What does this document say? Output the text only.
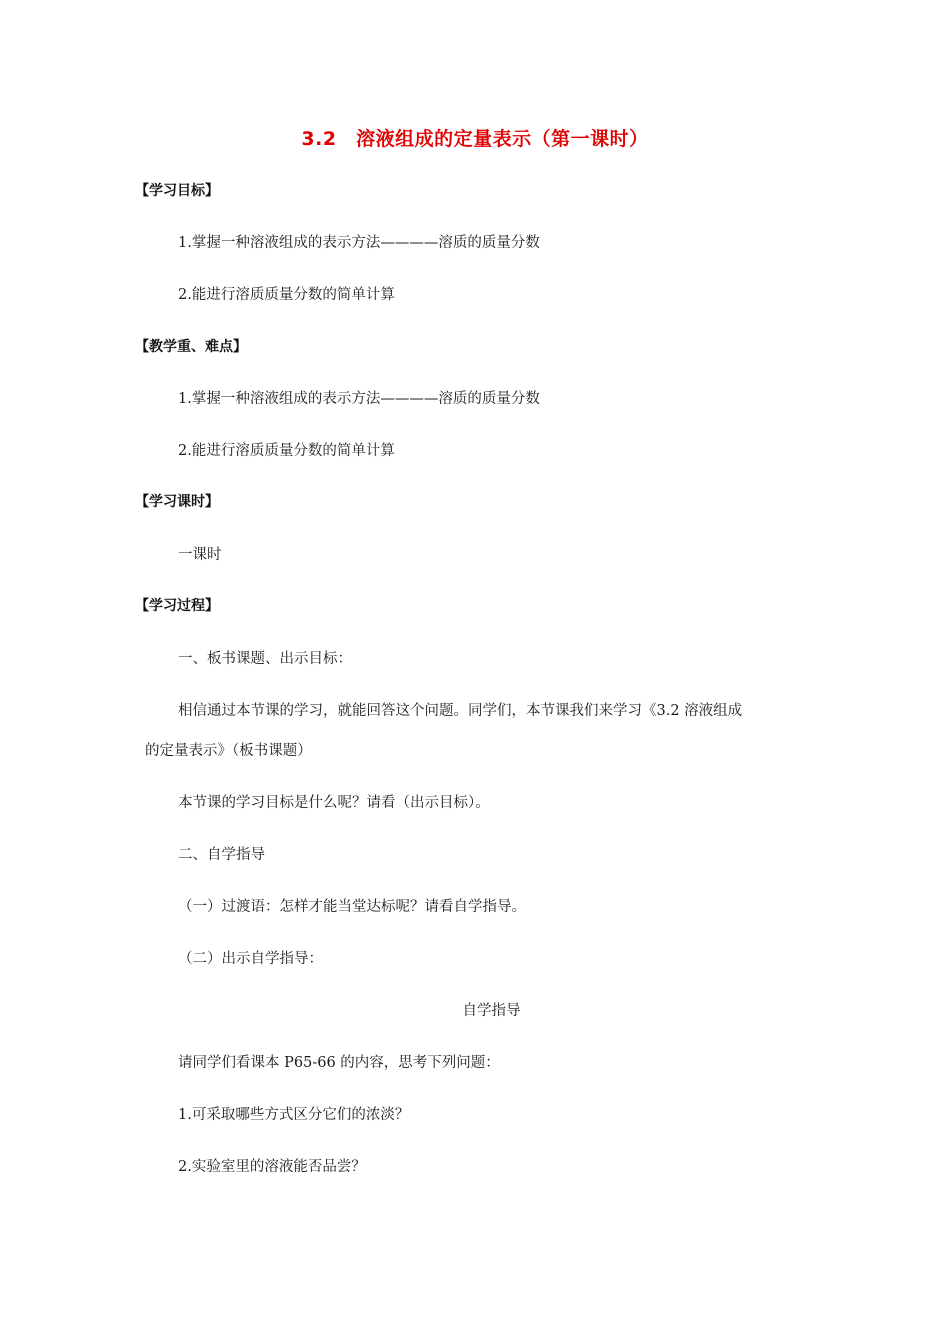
3.2　溶液组成的定量表示（第一课时）
【学习目标】
1.掌握一种溶液组成的表示方法————溶质的质量分数
2.能进行溶质质量分数的简单计算
【教学重、难点】
1.掌握一种溶液组成的表示方法————溶质的质量分数
2.能进行溶质质量分数的简单计算
【学习课时】
一课时
【学习过程】
一、板书课题、出示目标：
相信通过本节课的学习，就能回答这个问题。同学们，本节课我们来学习《3.2 溶液组成
的定量表示》（板书课题）
本节课的学习目标是什么呢？请看（出示目标）。
二、自学指导
（一）过渡语：怎样才能当堂达标呢？请看自学指导。
（二）出示自学指导：
自学指导
请同学们看课本 P65-66 的内容，思考下列问题：
1.可采取哪些方式区分它们的浓淡？
2.实验室里的溶液能否品尝？
